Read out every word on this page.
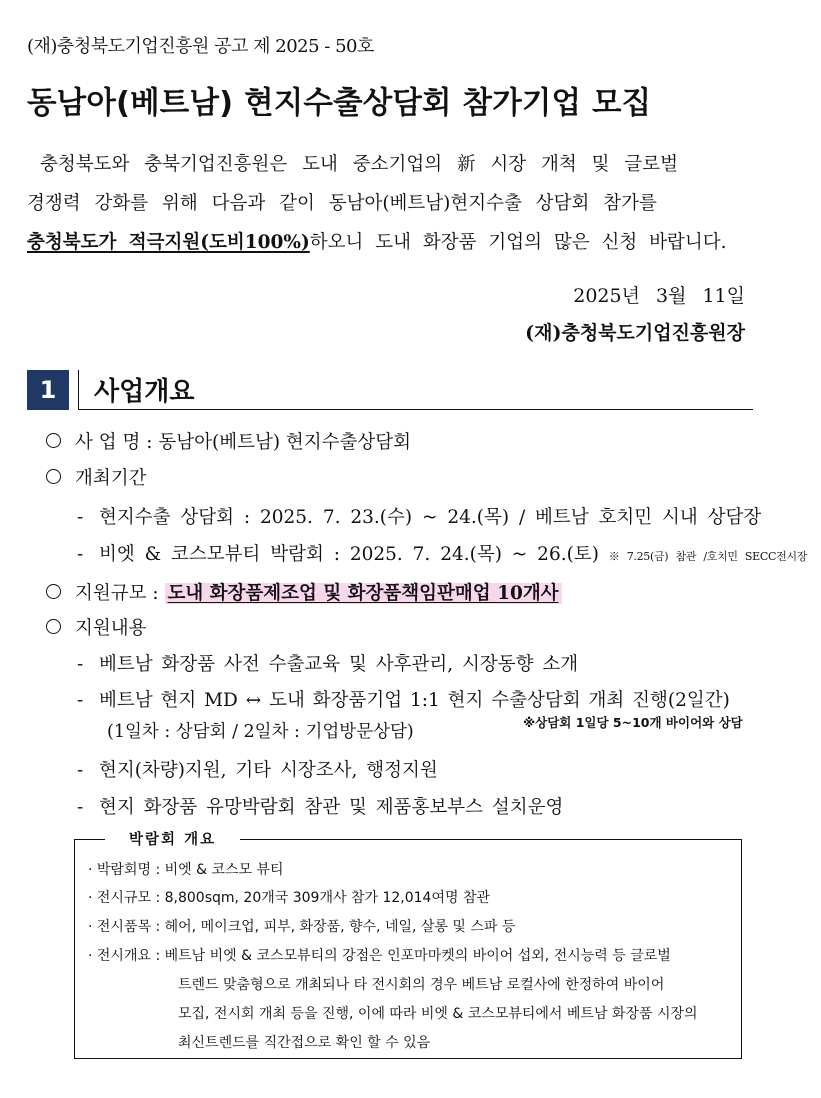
(재)충청북도기업진흥원 공고 제 2025 - 50호
동남아(베트남) 현지수출상담회 참가기업 모집
충청북도와 충북기업진흥원은 도내 중소기업의 新 시장 개척 및 글로벌
경쟁력 강화를 위해 다음과 같이 동남아(베트남)현지수출 상담회 참가를
충청북도가 적극지원(도비100%)하오니 도내 화장품 기업의 많은 신청 바랍니다.
2025년 3월 11일
(재)충청북도기업진흥원장
1	사업개요
사 업 명 : 동남아(베트남) 현지수출상담회
개최기간
- 현지수출 상담회 : 2025. 7. 23.(수) ~ 24.(목) / 베트남 호치민 시내 상담장
- 비엣 & 코스모뷰티 박람회 : 2025. 7. 24.(목) ~ 26.(토) ※ 7.25(금) 참관 /호치민 SECC전시장
지원규모 : 도내 화장품제조업 및 화장품책임판매업 10개사
지원내용
- 베트남 화장품 사전 수출교육 및 사후관리, 시장동향 소개
- 베트남 현지 MD ↔ 도내 화장품기업 1:1 현지 수출상담회 개최 진행(2일간)
(1일차 : 상담회 / 2일차 : 기업방문상담)	※상담회 1일당 5~10개 바이어와 상담
- 현지(차량)지원, 기타 시장조사, 행정지원
- 현지 화장품 유망박람회 참관 및 제품홍보부스 설치운영
박람회 개요
· 박람회명 : 비엣 & 코스모 뷰티
· 전시규모 : 8,800sqm, 20개국 309개사 참가 12,014여명 참관
· 전시품목 : 헤어, 메이크업, 피부, 화장품, 향수, 네일, 살롱 및 스파 등
· 전시개요 : 베트남 비엣 & 코스모뷰티의 강점은 인포마마켓의 바이어 섭외, 전시능력 등 글로벌
트렌드 맞춤형으로 개최되나 타 전시회의 경우 베트남 로컬사에 한정하여 바이어
모집, 전시회 개최 등을 진행, 이에 따라 비엣 & 코스모뷰티에서 베트남 화장품 시장의
최신트렌드를 직간접으로 확인 할 수 있음
